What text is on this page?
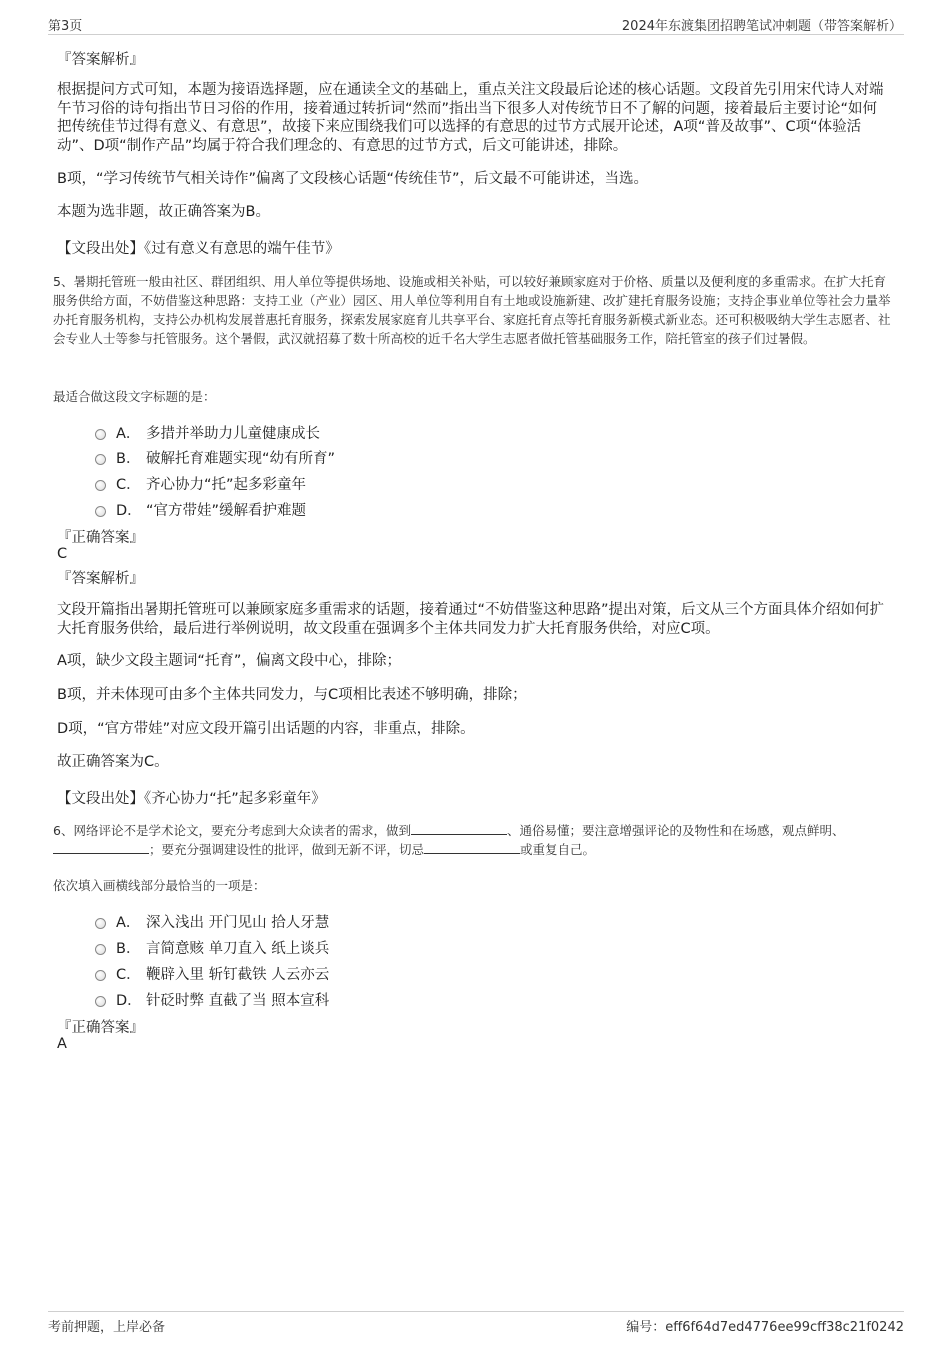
第3页	2024年东渡集团招聘笔试冲刺题（带答案解析）
『答案解析』
根据提问方式可知，本题为接语选择题，应在通读全文的基础上，重点关注文段最后论述的核心话题。文段首先引用宋代诗人对端午节习俗的诗句指出节日习俗的作用，接着通过转折词“然而”指出当下很多人对传统节日不了解的问题，接着最后主要讨论“如何把传统佳节过得有意义、有意思”，故接下来应围绕我们可以选择的有意思的过节方式展开论述，A项“普及故事”、C项“体验活动”、D项“制作产品”均属于符合我们理念的、有意思的过节方式，后文可能讲述，排除。
B项，“学习传统节气相关诗作”偏离了文段核心话题“传统佳节”，后文最不可能讲述，当选。
本题为选非题，故正确答案为B。
【文段出处】《过有意义有意思的端午佳节》
5、暑期托管班一般由社区、群团组织、用人单位等提供场地、设施或相关补贴，可以较好兼顾家庭对于价格、质量以及便利度的多重需求。在扩大托育服务供给方面，不妨借鉴这种思路：支持工业（产业）园区、用人单位等利用自有土地或设施新建、改扩建托育服务设施；支持企事业单位等社会力量举办托育服务机构，支持公办机构发展普惠托育服务，探索发展家庭育儿共享平台、家庭托育点等托育服务新模式新业态。还可积极吸纳大学生志愿者、社会专业人士等参与托管服务。这个暑假，武汉就招募了数十所高校的近千名大学生志愿者做托管基础服务工作，陪托管室的孩子们过暑假。
最适合做这段文字标题的是：
A． 多措并举助力儿童健康成长
B． 破解托育难题实现“幼有所育”
C． 齐心协力“托”起多彩童年
D． “官方带娃”缓解看护难题
『正确答案』
C
『答案解析』
文段开篇指出暑期托管班可以兼顾家庭多重需求的话题，接着通过“不妨借鉴这种思路”提出对策，后文从三个方面具体介绍如何扩大托育服务供给，最后进行举例说明，故文段重在强调多个主体共同发力扩大托育服务供给，对应C项。
A项，缺少文段主题词“托育”，偏离文段中心，排除；
B项，并未体现可由多个主体共同发力，与C项相比表述不够明确，排除；
D项，“官方带娃”对应文段开篇引出话题的内容，非重点，排除。
故正确答案为C。
【文段出处】《齐心协力“托”起多彩童年》
6、网络评论不是学术论文，要充分考虑到大众读者的需求，做到	、通俗易懂；要注意增强评论的及物性和在场感，观点鲜明、；要充分强调建设性的批评，做到无新不评，切忌	或重复自己。
依次填入画横线部分最恰当的一项是：
A． 深入浅出 开门见山 拾人牙慧
B． 言简意赅 单刀直入 纸上谈兵
C． 鞭辟入里 斩钉截铁 人云亦云
D． 针砭时弊 直截了当 照本宣科
『正确答案』
A
考前押题，上岸必备	编号：eff6f64d7ed4776ee99cff38c21f0242
